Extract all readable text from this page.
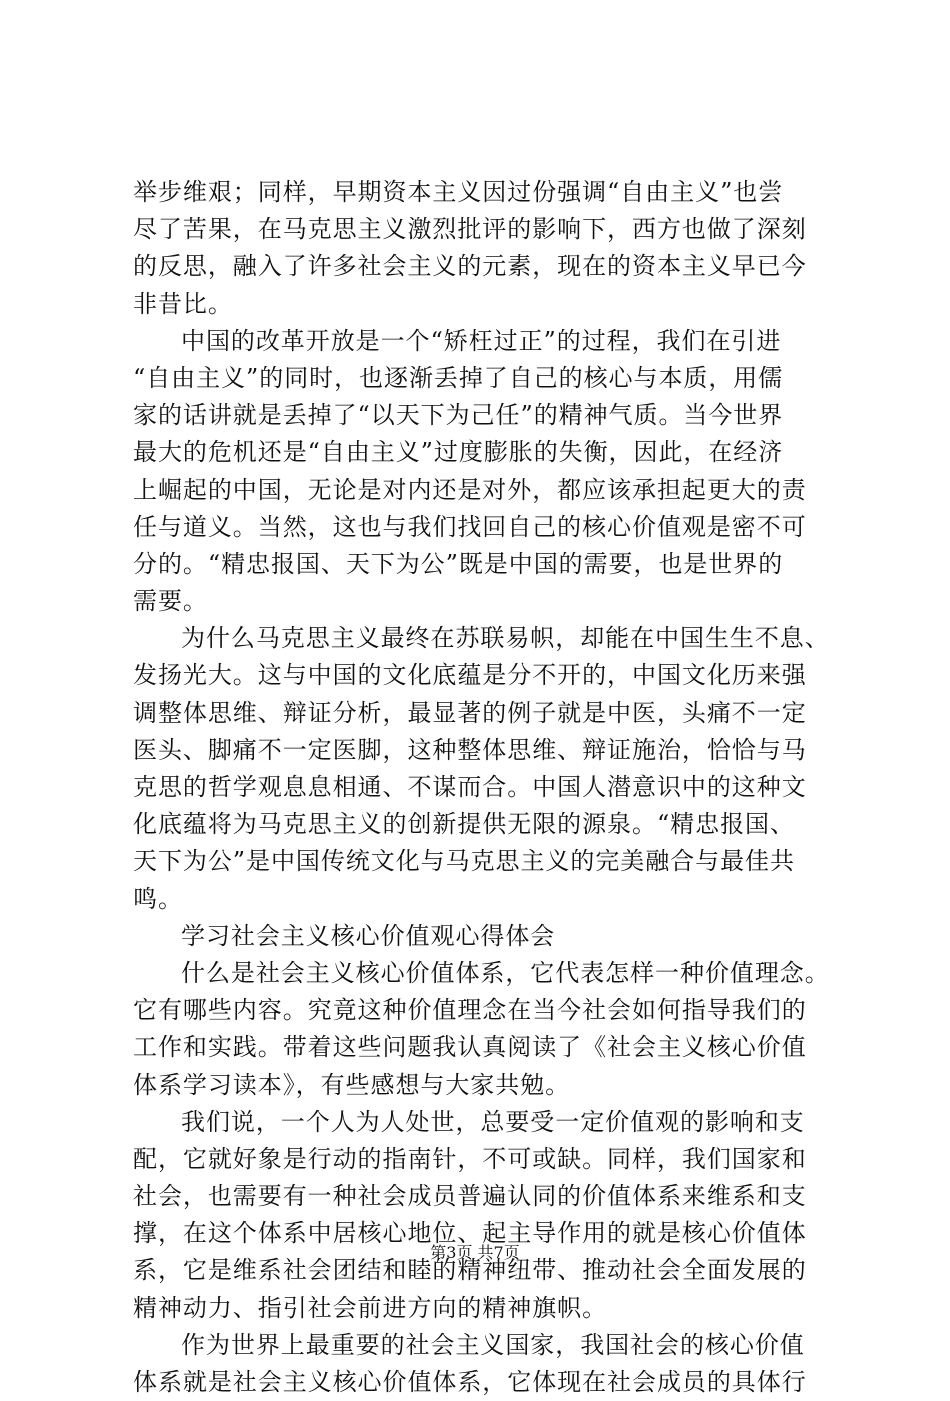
举步维艰；同样，早期资本主义因过份强调“自由主义”也尝
尽了苦果，在马克思主义激烈批评的影响下，西方也做了深刻
的反思，融入了许多社会主义的元素，现在的资本主义早已今
非昔比。
中国的改革开放是一个“矫枉过正”的过程，我们在引进
“自由主义”的同时，也逐渐丢掉了自己的核心与本质，用儒
家的话讲就是丢掉了“以天下为己任”的精神气质。当今世界
最大的危机还是“自由主义”过度膨胀的失衡，因此，在经济
上崛起的中国，无论是对内还是对外，都应该承担起更大的责
任与道义。当然，这也与我们找回自己的核心价值观是密不可
分的。“精忠报国、天下为公”既是中国的需要，也是世界的
需要。
为什么马克思主义最终在苏联易帜，却能在中国生生不息、
发扬光大。这与中国的文化底蕴是分不开的，中国文化历来强
调整体思维、辩证分析，最显著的例子就是中医，头痛不一定
医头、脚痛不一定医脚，这种整体思维、辩证施治，恰恰与马
克思的哲学观息息相通、不谋而合。中国人潜意识中的这种文
化底蕴将为马克思主义的创新提供无限的源泉。“精忠报国、
天下为公”是中国传统文化与马克思主义的完美融合与最佳共
鸣。
学习社会主义核心价值观心得体会
什么是社会主义核心价值体系，它代表怎样一种价值理念。
它有哪些内容。究竟这种价值理念在当今社会如何指导我们的
工作和实践。带着这些问题我认真阅读了《社会主义核心价值
体系学习读本》，有些感想与大家共勉。
我们说，一个人为人处世，总要受一定价值观的影响和支
配，它就好象是行动的指南针，不可或缺。同样，我们国家和
社会，也需要有一种社会成员普遍认同的价值体系来维系和支
撑，在这个体系中居核心地位、起主导作用的就是核心价值体
系，它是维系社会团结和睦的精神纽带、推动社会全面发展的
精神动力、指引社会前进方向的精神旗帜。
作为世界上最重要的社会主义国家，我国社会的核心价值
体系就是社会主义核心价值体系，它体现在社会成员的具体行
第3页 共7页
